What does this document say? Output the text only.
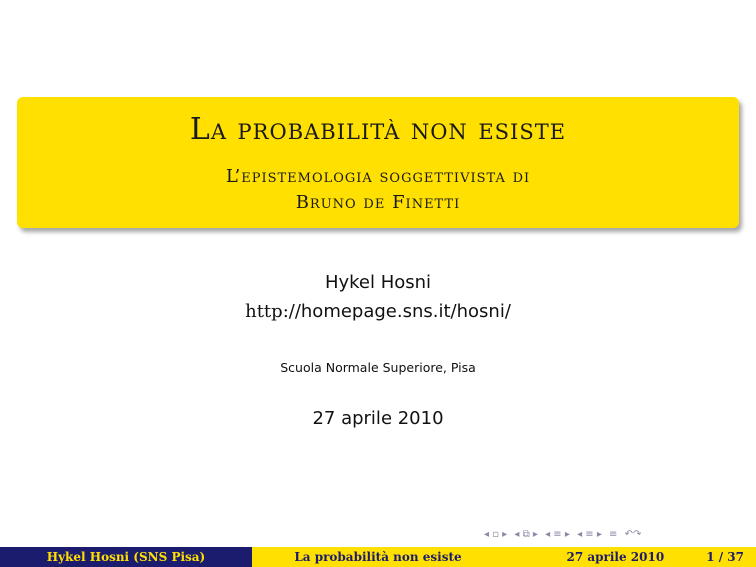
La probabilità non esiste
L’epistemologia soggettivista di
Bruno de Finetti
Hykel Hosni
http://homepage.sns.it/hosni/
Scuola Normale Superiore, Pisa
27 aprile 2010
◂ ▫ ▸ ◂ ⧉ ▸ ◂ ≡ ▸ ◂ ≡ ▸ ≡ ↶↷
Hykel Hosni (SNS Pisa)	La probabilità non esiste	27 aprile 2010	1 / 37
